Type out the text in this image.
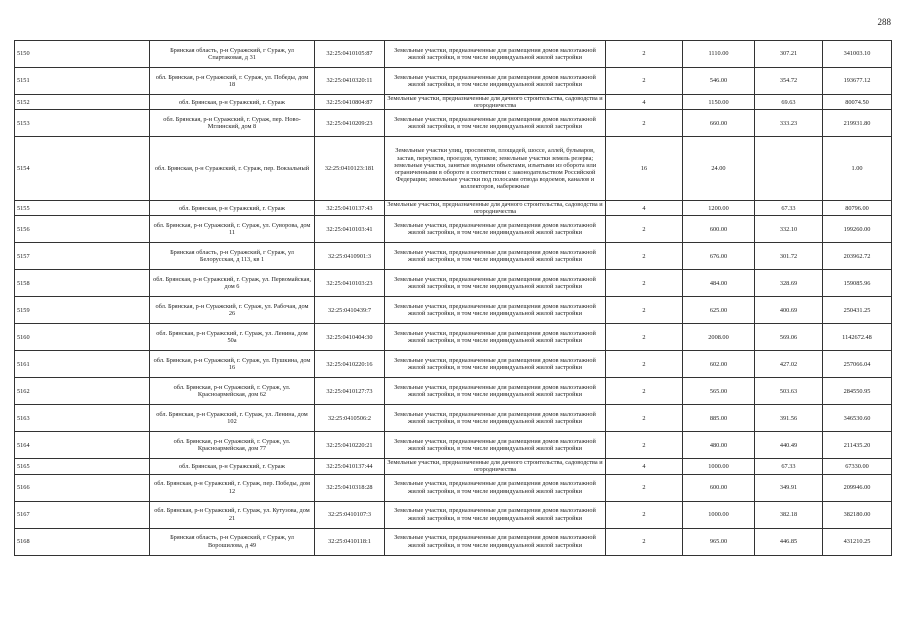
288
5150	Брянская область, р-н Суражский, г Сураж, ул Спартаковая, д 31	32:25:0410105:87	Земельные участки, предназначенные для размещения домов малоэтажной жилой застройки, в том числе индивидуальной жилой застройки	2	1110.00	307.21	341003.10
5151	обл. Брянская, р-н Суражский, г. Сураж, ул. Победы, дом 18	32:25:0410320:11	Земельные участки, предназначенные для размещения домов малоэтажной жилой застройки, в том числе индивидуальной жилой застройки	2	546.00	354.72	193677.12
5152	обл. Брянская, р-н Суражский, г. Сураж	32:25:0410804:87	Земельные участки, предназначенные для дачного строительства, садоводства и огородничества	4	1150.00	69.63	80074.50
5153	обл. Брянская, р-н Суражский, г. Сураж, пер. Ново-Мглинский, дом 8	32:25:0410209:23	Земельные участки, предназначенные для размещения домов малоэтажной жилой застройки, в том числе индивидуальной жилой застройки	2	660.00	333.23	219931.80
5154	обл. Брянская, р-н Суражский, г. Сураж, пер. Вокзальный	32:25:0410123:181	Земельные участки улиц, проспектов, площадей, шоссе, аллей, бульваров, застав, переулков, проездов, тупиков; земельные участки земель резерва; земельные участки, занятые водными объектами, изъятыми из оборота или ограниченными в обороте в соответствии с законодательством Российской Федерации; земельные участки под полосами отвода водоемов, каналов и коллекторов, набережные	16	24.00		1.00
5155	обл. Брянская, р-н Суражский, г. Сураж	32:25:0410137:43	Земельные участки, предназначенные для дачного строительства, садоводства и огородничества	4	1200.00	67.33	80796.00
5156	обл. Брянская, р-н Суражский, г. Сураж, ул. Суворова, дом 11	32:25:0410103:41	Земельные участки, предназначенные для размещения домов малоэтажной жилой застройки, в том числе индивидуальной жилой застройки	2	600.00	332.10	199260.00
5157	Брянская область, р-н Суражский, г Сураж, ул Белорусская, д 113, кв 1	32:25:0410901:3	Земельные участки, предназначенные для размещения домов малоэтажной жилой застройки, в том числе индивидуальной жилой застройки	2	676.00	301.72	203962.72
5158	обл. Брянская, р-н Суражский, г. Сураж, ул. Первомайская, дом 6	32:25:0410103:23	Земельные участки, предназначенные для размещения домов малоэтажной жилой застройки, в том числе индивидуальной жилой застройки	2	484.00	328.69	159085.96
5159	обл. Брянская, р-н Суражский, г. Сураж, ул. Рабочая, дом 26	32:25:0410439:7	Земельные участки, предназначенные для размещения домов малоэтажной жилой застройки, в том числе индивидуальной жилой застройки	2	625.00	400.69	250431.25
5160	обл. Брянская, р-н Суражский, г. Сураж, ул. Ленина, дом 50а	32:25:0410404:30	Земельные участки, предназначенные для размещения домов малоэтажной жилой застройки, в том числе индивидуальной жилой застройки	2	2008.00	569.06	1142672.48
5161	обл. Брянская, р-н Суражский, г. Сураж, ул. Пушкина, дом 16	32:25:0410220:16	Земельные участки, предназначенные для размещения домов малоэтажной жилой застройки, в том числе индивидуальной жилой застройки	2	602.00	427.02	257066.04
5162	обл. Брянская, р-н Суражский, г. Сураж, ул. Красноармейская, дом 62	32:25:0410127:73	Земельные участки, предназначенные для размещения домов малоэтажной жилой застройки, в том числе индивидуальной жилой застройки	2	565.00	503.63	284550.95
5163	обл. Брянская, р-н Суражский, г. Сураж, ул. Ленина, дом 102	32:25:0410506:2	Земельные участки, предназначенные для размещения домов малоэтажной жилой застройки, в том числе индивидуальной жилой застройки	2	885.00	391.56	346530.60
5164	обл. Брянская, р-н Суражский, г. Сураж, ул. Красноармейская, дом 77	32:25:0410220:21	Земельные участки, предназначенные для размещения домов малоэтажной жилой застройки, в том числе индивидуальной жилой застройки	2	480.00	440.49	211435.20
5165	обл. Брянская, р-н Суражский, г. Сураж	32:25:0410137:44	Земельные участки, предназначенные для дачного строительства, садоводства и огородничества	4	1000.00	67.33	67330.00
5166	обл. Брянская, р-н Суражский, г. Сураж, пер. Победы, дом 12	32:25:0410318:28	Земельные участки, предназначенные для размещения домов малоэтажной жилой застройки, в том числе индивидуальной жилой застройки	2	600.00	349.91	209946.00
5167	обл. Брянская, р-н Суражский, г. Сураж, ул. Кутузова, дом 21	32:25:0410107:3	Земельные участки, предназначенные для размещения домов малоэтажной жилой застройки, в том числе индивидуальной жилой застройки	2	1000.00	382.18	382180.00
5168	Брянская область, р-н Суражский, г Сураж, ул Ворошилова, д 49	32:25:0410118:1	Земельные участки, предназначенные для размещения домов малоэтажной жилой застройки, в том числе индивидуальной жилой застройки	2	965.00	446.85	431210.25
